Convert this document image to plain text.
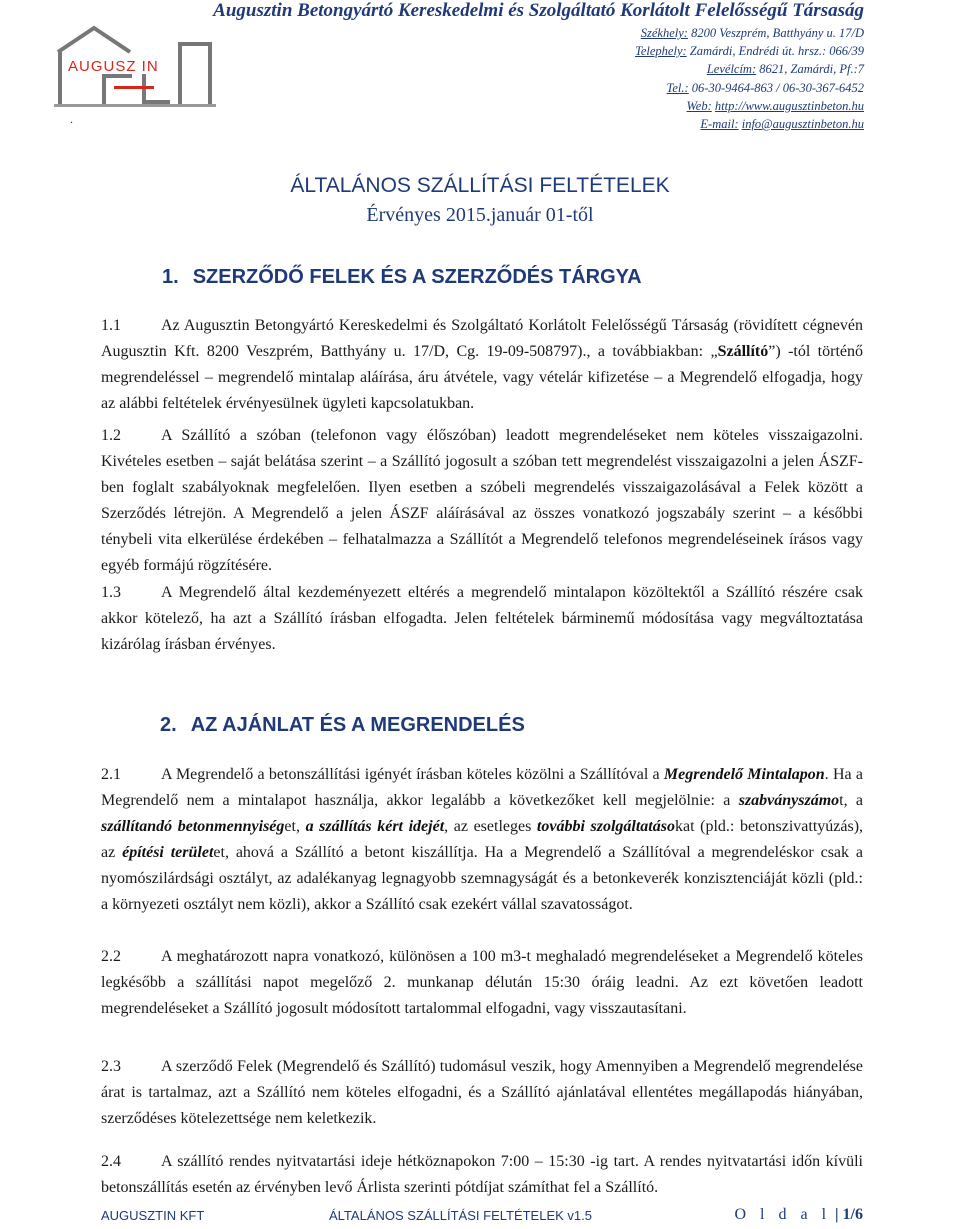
AUGUSZ IN
.
Augusztin Betongyártó Kereskedelmi és Szolgáltató Korlátolt Felelősségű Társaság
Székhely: 8200 Veszprém, Batthyány u. 17/D
Telephely: Zamárdi, Endrédi út. hrsz.: 066/39
Levélcím: 8621, Zamárdi, Pf.:7
Tel.: 06-30-9464-863 / 06-30-367-6452
Web: http://www.augusztinbeton.hu
E-mail: info@augusztinbeton.hu
ÁLTALÁNOS SZÁLLÍTÁSI FELTÉTELEK
Érvényes 2015.január 01-től
1. SZERZŐDŐ FELEK ÉS A SZERZŐDÉS TÁRGYA
1.1	Az Augusztin Betongyártó Kereskedelmi és Szolgáltató Korlátolt Felelősségű Társaság (rövidített cégnevén Augusztin Kft. 8200 Veszprém, Batthyány u. 17/D, Cg. 19-09-508797)., a továbbiakban: „Szállító”) -tól történő megrendeléssel – megrendelő mintalap aláírása, áru átvétele, vagy vételár kifizetése – a Megrendelő elfogadja, hogy az alábbi feltételek érvényesülnek ügyleti kapcsolatukban.
1.2	A Szállító a szóban (telefonon vagy élőszóban) leadott megrendeléseket nem köteles visszaigazolni. Kivételes esetben – saját belátása szerint – a Szállító jogosult a szóban tett megrendelést visszaigazolni a jelen ÁSZF-ben foglalt szabályoknak megfelelően. Ilyen esetben a szóbeli megrendelés visszaigazolásával a Felek között a Szerződés létrejön. A Megrendelő a jelen ÁSZF aláírásával az összes vonatkozó jogszabály szerint – a későbbi ténybeli vita elkerülése érdekében – felhatalmazza a Szállítót a Megrendelő telefonos megrendeléseinek írásos vagy egyéb formájú rögzítésére.
1.3	A Megrendelő által kezdeményezett eltérés a megrendelő mintalapon közöltektől a Szállító részére csak akkor kötelező, ha azt a Szállító írásban elfogadta. Jelen feltételek bárminemű módosítása vagy megváltoztatása kizárólag írásban érvényes.
2. AZ AJÁNLAT ÉS A MEGRENDELÉS
2.1	A Megrendelő a betonszállítási igényét írásban köteles közölni a Szállítóval a Megrendelő Mintalapon. Ha a Megrendelő nem a mintalapot használja, akkor legalább a következőket kell megjelölnie: a szabványszámot, a szállítandó betonmennyiséget, a szállítás kért idejét, az esetleges további szolgáltatásokat (pld.: betonszivattyúzás), az építési területet, ahová a Szállító a betont kiszállítja. Ha a Megrendelő a Szállítóval a megrendeléskor csak a nyomószilárdsági osztályt, az adalékanyag legnagyobb szemnagyságát és a betonkeverék konzisztenciáját közli (pld.: a környezeti osztályt nem közli), akkor a Szállító csak ezekért vállal szavatosságot.
2.2	A meghatározott napra vonatkozó, különösen a 100 m3-t meghaladó megrendeléseket a Megrendelő köteles legkésőbb a szállítási napot megelőző 2. munkanap délután 15:30 óráig leadni. Az ezt követően leadott megrendeléseket a Szállító jogosult módosított tartalommal elfogadni, vagy visszautasítani.
2.3	A szerződő Felek (Megrendelő és Szállító) tudomásul veszik, hogy Amennyiben a Megrendelő megrendelése árat is tartalmaz, azt a Szállító nem köteles elfogadni, és a Szállító ajánlatával ellentétes megállapodás hiányában, szerződéses kötelezettsége nem keletkezik.
2.4	A szállító rendes nyitvatartási ideje hétköznapokon 7:00 – 15:30 -ig tart. A rendes nyitvatartási időn kívüli betonszállítás esetén az érvényben levő Árlista szerinti pótdíjat számíthat fel a Szállító.
AUGUSZTIN KFT	ÁLTALÁNOS SZÁLLÍTÁSI FELTÉTELEK v1.5	O l d a l | 1/6
